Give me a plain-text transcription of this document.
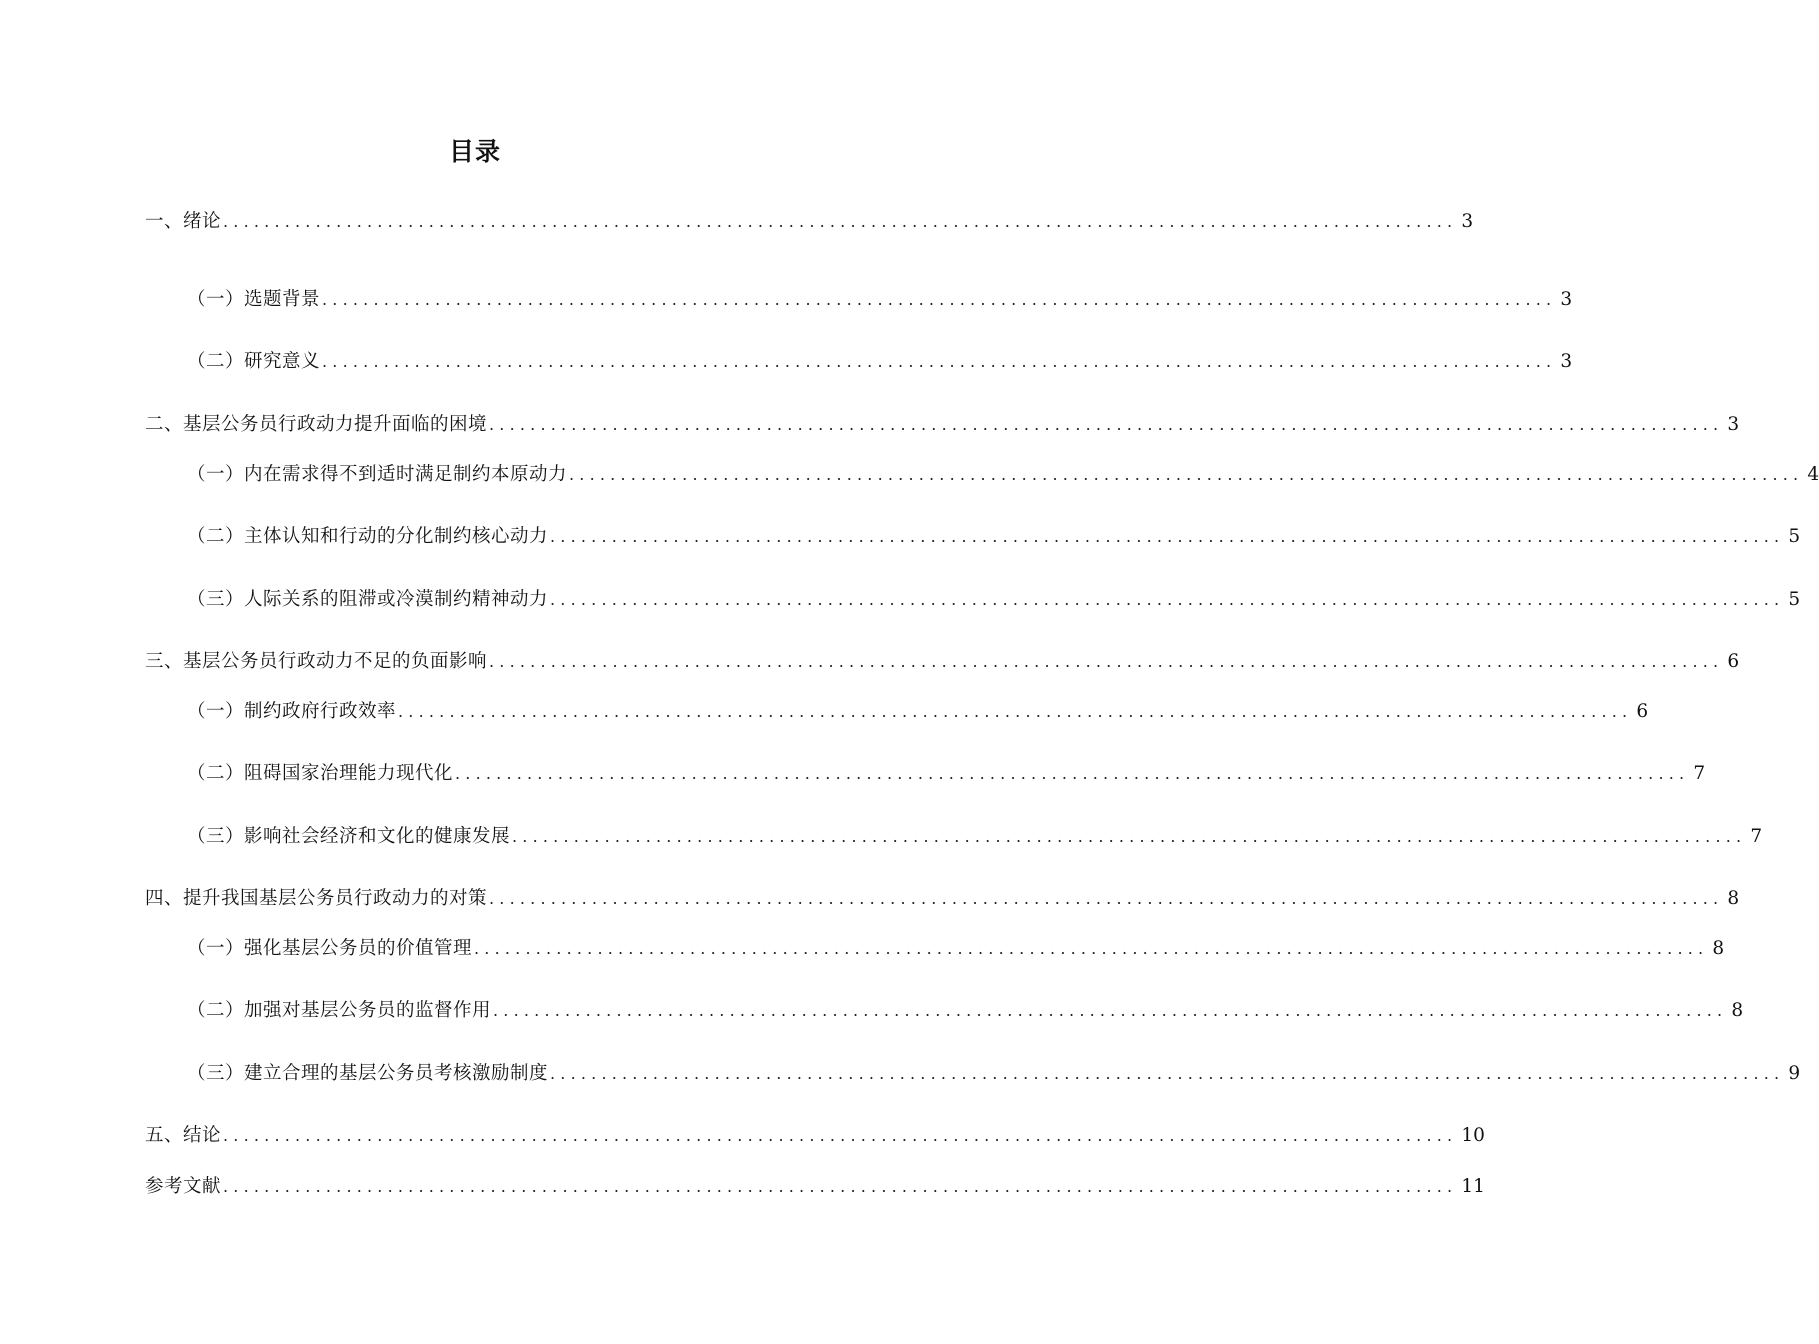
目录
一、绪论 ........................................................................................................................ 3
（一）选题背景 ........................................................................................................................ 3
（二）研究意义 ........................................................................................................................ 3
二、基层公务员行政动力提升面临的困境 ........................................................................................................................ 3
（一）内在需求得不到适时满足制约本原动力 ........................................................................................................................ 4
（二）主体认知和行动的分化制约核心动力 ........................................................................................................................ 5
（三）人际关系的阻滞或冷漠制约精神动力 ........................................................................................................................ 5
三、基层公务员行政动力不足的负面影响 ........................................................................................................................ 6
（一）制约政府行政效率 ........................................................................................................................ 6
（二）阻碍国家治理能力现代化 ........................................................................................................................ 7
（三）影响社会经济和文化的健康发展 ........................................................................................................................ 7
四、提升我国基层公务员行政动力的对策 ........................................................................................................................ 8
（一）强化基层公务员的价值管理 ........................................................................................................................ 8
（二）加强对基层公务员的监督作用 ........................................................................................................................ 8
（三）建立合理的基层公务员考核激励制度 ........................................................................................................................ 9
五、结论 ........................................................................................................................ 10
参考文献 ........................................................................................................................ 11
